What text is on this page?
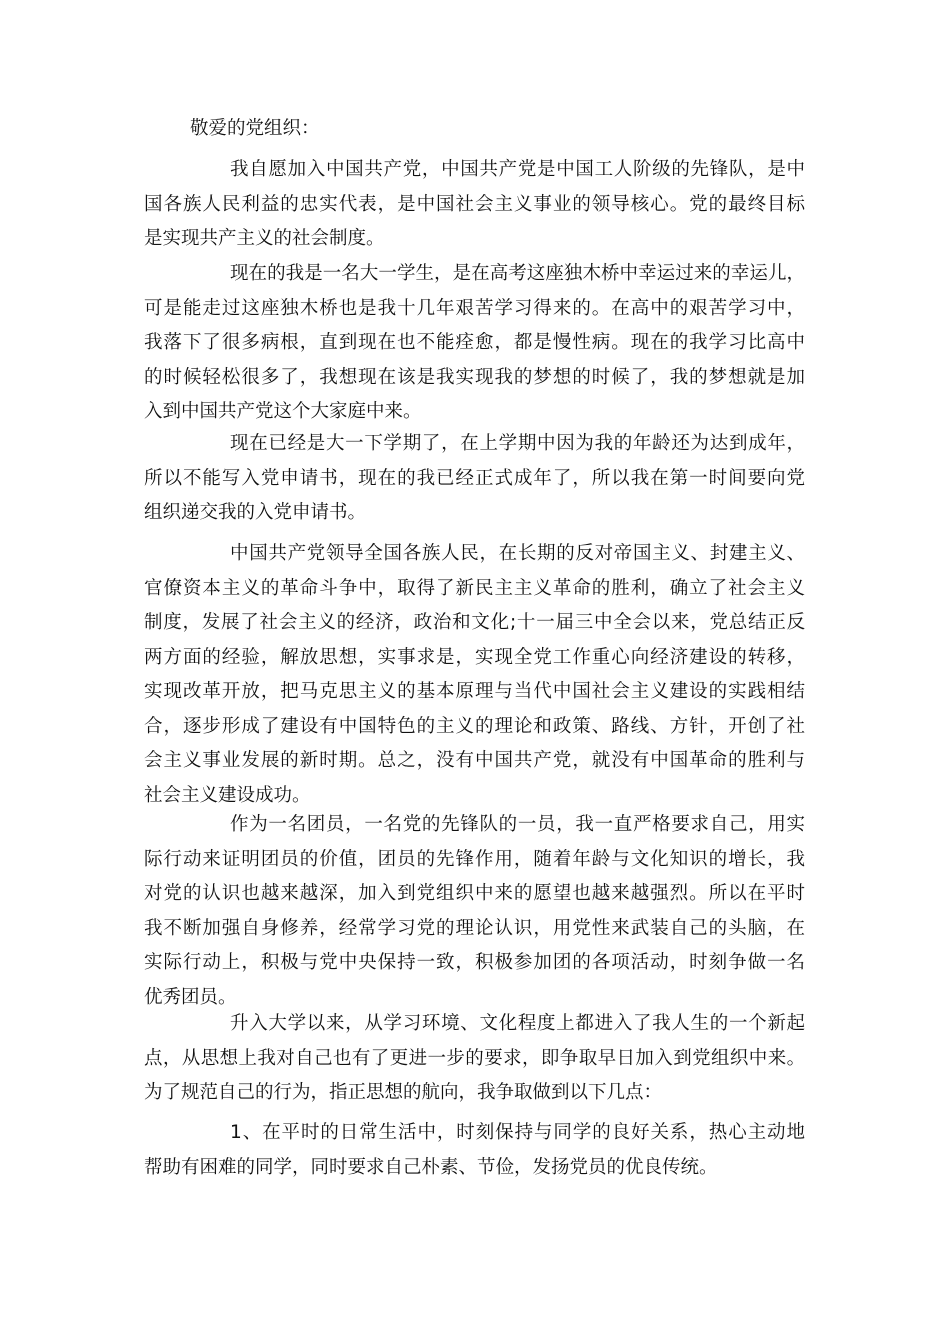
敬爱的党组织：
我自愿加入中国共产党，中国共产党是中国工人阶级的先锋队，是中
国各族人民利益的忠实代表，是中国社会主义事业的领导核心。党的最终目标
是实现共产主义的社会制度。
现在的我是一名大一学生，是在高考这座独木桥中幸运过来的幸运儿，
可是能走过这座独木桥也是我十几年艰苦学习得来的。在高中的艰苦学习中，
我落下了很多病根，直到现在也不能痊愈，都是慢性病。现在的我学习比高中
的时候轻松很多了，我想现在该是我实现我的梦想的时候了，我的梦想就是加
入到中国共产党这个大家庭中来。
现在已经是大一下学期了，在上学期中因为我的年龄还为达到成年，
所以不能写入党申请书，现在的我已经正式成年了，所以我在第一时间要向党
组织递交我的入党申请书。
中国共产党领导全国各族人民，在长期的反对帝国主义、封建主义、
官僚资本主义的革命斗争中，取得了新民主主义革命的胜利，确立了社会主义
制度，发展了社会主义的经济，政治和文化;十一届三中全会以来，党总结正反
两方面的经验，解放思想，实事求是，实现全党工作重心向经济建设的转移，
实现改革开放，把马克思主义的基本原理与当代中国社会主义建设的实践相结
合，逐步形成了建设有中国特色的主义的理论和政策、路线、方针，开创了社
会主义事业发展的新时期。总之，没有中国共产党，就没有中国革命的胜利与
社会主义建设成功。
作为一名团员，一名党的先锋队的一员，我一直严格要求自己，用实
际行动来证明团员的价值，团员的先锋作用，随着年龄与文化知识的增长，我
对党的认识也越来越深，加入到党组织中来的愿望也越来越强烈。所以在平时
我不断加强自身修养，经常学习党的理论认识，用党性来武装自己的头脑，在
实际行动上，积极与党中央保持一致，积极参加团的各项活动，时刻争做一名
优秀团员。
升入大学以来，从学习环境、文化程度上都进入了我人生的一个新起
点，从思想上我对自己也有了更进一步的要求，即争取早日加入到党组织中来。
为了规范自己的行为，指正思想的航向，我争取做到以下几点：
1、在平时的日常生活中，时刻保持与同学的良好关系，热心主动地
帮助有困难的同学，同时要求自己朴素、节俭，发扬党员的优良传统。
